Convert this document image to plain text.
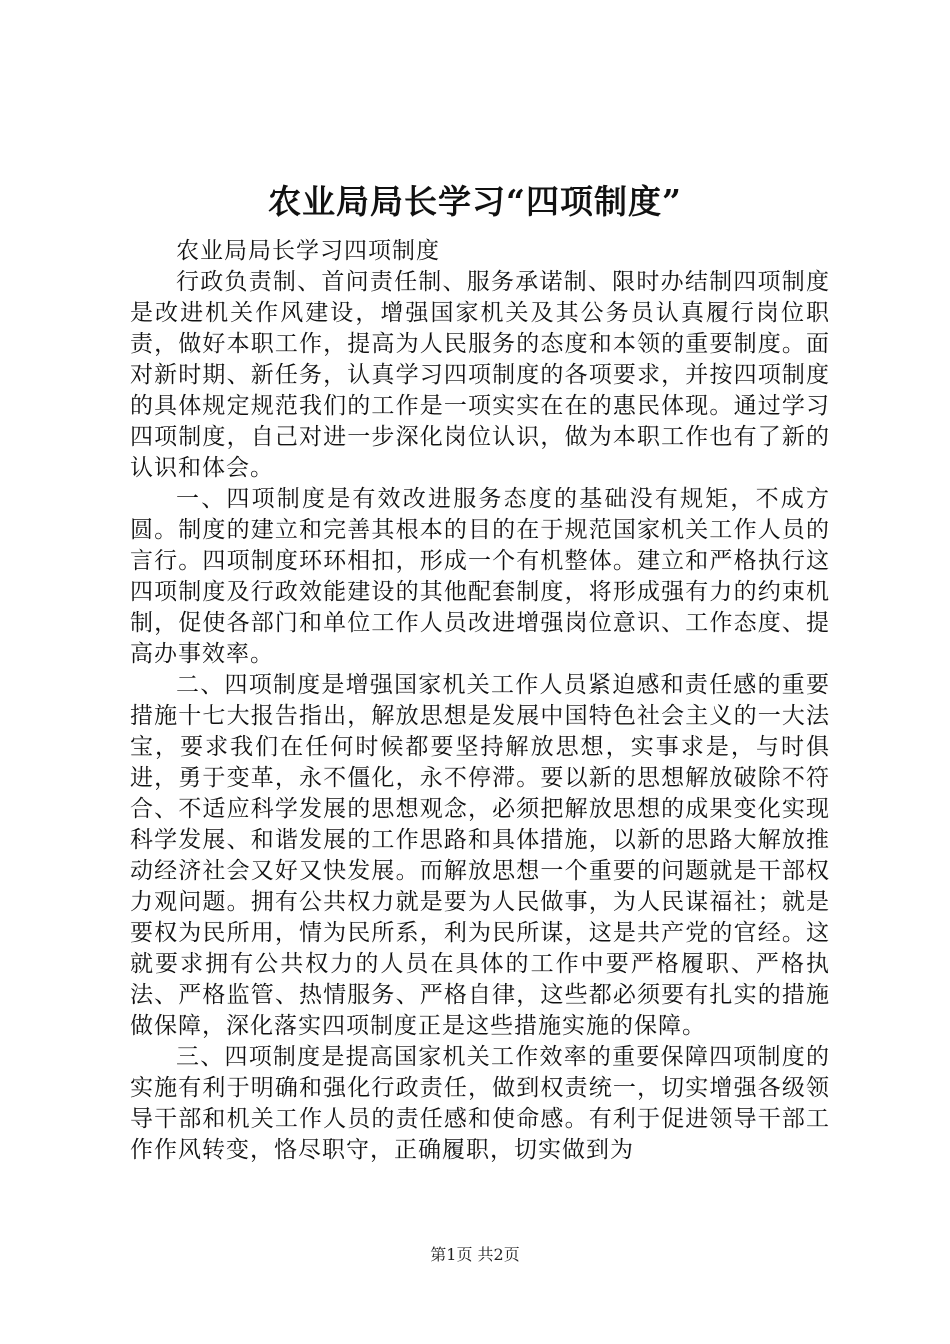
农业局局长学习“四项制度”

农业局局长学习四项制度

行政负责制、首问责任制、服务承诺制、限时办结制四项制度是改进机关作风建设，增强国家机关及其公务员认真履行岗位职责，做好本职工作，提高为人民服务的态度和本领的重要制度。面对新时期、新任务，认真学习四项制度的各项要求，并按四项制度的具体规定规范我们的工作是一项实实在在的惠民体现。通过学习四项制度，自己对进一步深化岗位认识，做为本职工作也有了新的认识和体会。

一、四项制度是有效改进服务态度的基础没有规矩，不成方圆。制度的建立和完善其根本的目的在于规范国家机关工作人员的言行。四项制度环环相扣，形成一个有机整体。建立和严格执行这四项制度及行政效能建设的其他配套制度，将形成强有力的约束机制，促使各部门和单位工作人员改进增强岗位意识、工作态度、提高办事效率。

二、四项制度是增强国家机关工作人员紧迫感和责任感的重要措施十七大报告指出，解放思想是发展中国特色社会主义的一大法宝，要求我们在任何时候都要坚持解放思想，实事求是，与时俱进，勇于变革，永不僵化，永不停滞。要以新的思想解放破除不符合、不适应科学发展的思想观念，必须把解放思想的成果变化实现科学发展、和谐发展的工作思路和具体措施，以新的思路大解放推动经济社会又好又快发展。而解放思想一个重要的问题就是干部权力观问题。拥有公共权力就是要为人民做事，为人民谋福社；就是要权为民所用，情为民所系，利为民所谋，这是共产党的官经。这就要求拥有公共权力的人员在具体的工作中要严格履职、严格执法、严格监管、热情服务、严格自律，这些都必须要有扎实的措施做保障，深化落实四项制度正是这些措施实施的保障。

三、四项制度是提高国家机关工作效率的重要保障四项制度的实施有利于明确和强化行政责任，做到权责统一，切实增强各级领导干部和机关工作人员的责任感和使命感。有利于促进领导干部工作作风转变，恪尽职守，正确履职，切实做到为

第1页 共2页
